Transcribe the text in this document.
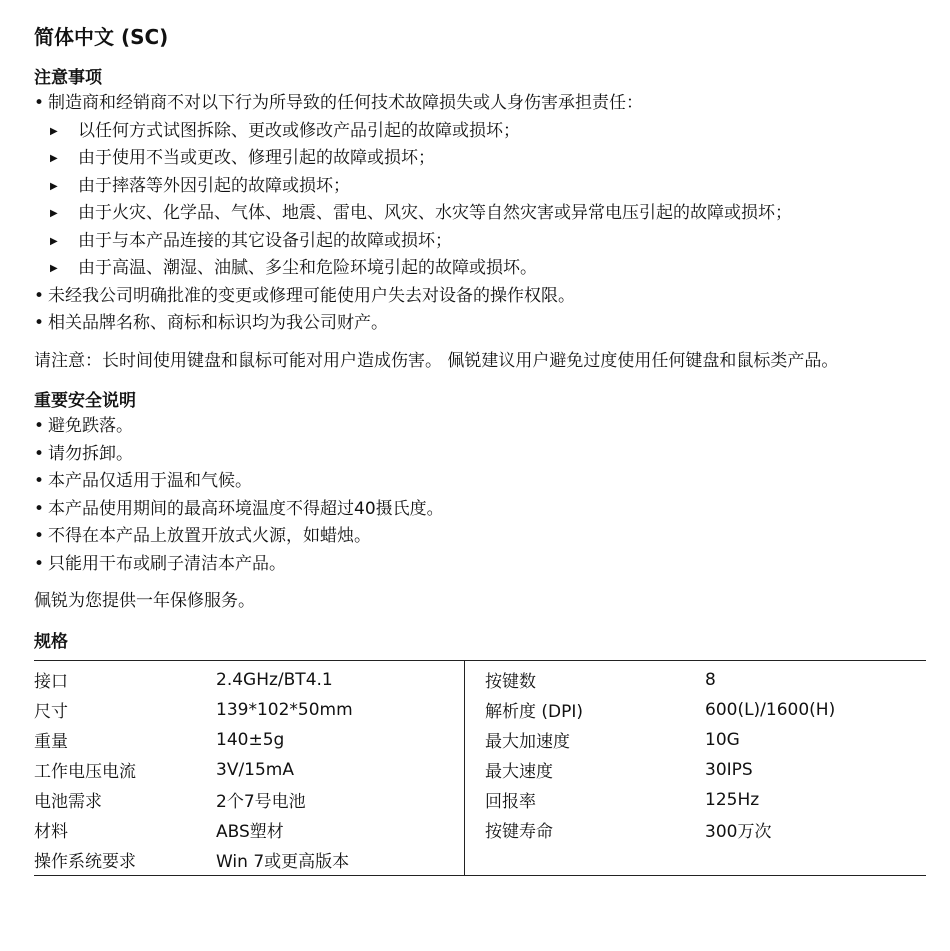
简体中文 (SC)
注意事项
• 制造商和经销商不对以下行为所导致的任何技术故障损失或人身伤害承担责任：
▶	以任何方式试图拆除、更改或修改产品引起的故障或损坏；
▶	由于使用不当或更改、修理引起的故障或损坏；
▶	由于摔落等外因引起的故障或损坏；
▶	由于火灾、化学品、气体、地震、雷电、风灾、水灾等自然灾害或异常电压引起的故障或损坏；
▶	由于与本产品连接的其它设备引起的故障或损坏；
▶	由于高温、潮湿、油腻、多尘和危险环境引起的故障或损坏。
• 未经我公司明确批准的变更或修理可能使用户失去对设备的操作权限。
• 相关品牌名称、商标和标识均为我公司财产。
请注意：长时间使用键盘和鼠标可能对用户造成伤害。 佩锐建议用户避免过度使用任何键盘和鼠标类产品。
重要安全说明
• 避免跌落。
• 请勿拆卸。
• 本产品仅适用于温和气候。
• 本产品使用期间的最高环境温度不得超过40摄氏度。
• 不得在本产品上放置开放式火源，如蜡烛。
• 只能用干布或刷子清洁本产品。
佩锐为您提供一年保修服务。
规格
接口	2.4GHz/BT4.1	按键数	8
尺寸	139*102*50mm	解析度 (DPI)	600(L)/1600(H)
重量	140±5g	最大加速度	10G
工作电压电流	3V/15mA	最大速度	30IPS
电池需求	2个7号电池	回报率	125Hz
材料	ABS塑材	按键寿命	300万次
操作系统要求	Win 7或更高版本		
